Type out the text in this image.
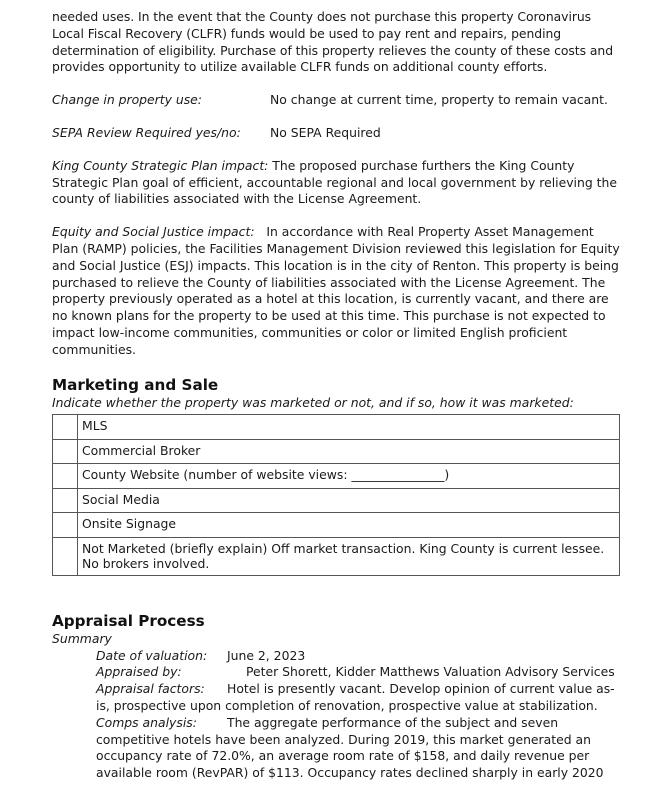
needed uses. In the event that the County does not purchase this property Coronavirus Local Fiscal Recovery (CLFR) funds would be used to pay rent and repairs, pending determination of eligibility. Purchase of this property relieves the county of these costs and provides opportunity to utilize available CLFR funds on additional county efforts.

Change in property use:	No change at current time, property to remain vacant.
SEPA Review Required yes/no:	No SEPA Required

King County Strategic Plan impact: The proposed purchase furthers the King County Strategic Plan goal of efficient, accountable regional and local government by relieving the county of liabilities associated with the License Agreement.

Equity and Social Justice impact:   In accordance with Real Property Asset Management Plan (RAMP) policies, the Facilities Management Division reviewed this legislation for Equity and Social Justice (ESJ) impacts. This location is in the city of Renton. This property is being purchased to relieve the County of liabilities associated with the License Agreement. The property previously operated as a hotel at this location, is currently vacant, and there are no known plans for the property to be used at this time. This purchase is not expected to impact low-income communities, communities or color or limited English proficient communities.

Marketing and Sale

Indicate whether the property was marketed or not, and if so, how it was marketed:

	MLS
	Commercial Broker
	County Website (number of website views: _______________)
	Social Media
	Onsite Signage
	Not Marketed (briefly explain) Off market transaction. King County is current lessee. No brokers involved.
Appraisal Process

Summary

Date of valuation:	June 2, 2023
Appraised by:	Peter Shorett, Kidder Matthews Valuation Advisory Services

Appraisal factors: Hotel is presently vacant. Develop opinion of current value as-is, prospective upon completion of renovation, prospective value at stabilization.

Comps analysis: The aggregate performance of the subject and seven competitive hotels have been analyzed. During 2019, this market generated an occupancy rate of 72.0%, an average room rate of $158, and daily revenue per available room (RevPAR) of $113. Occupancy rates declined sharply in early 2020
